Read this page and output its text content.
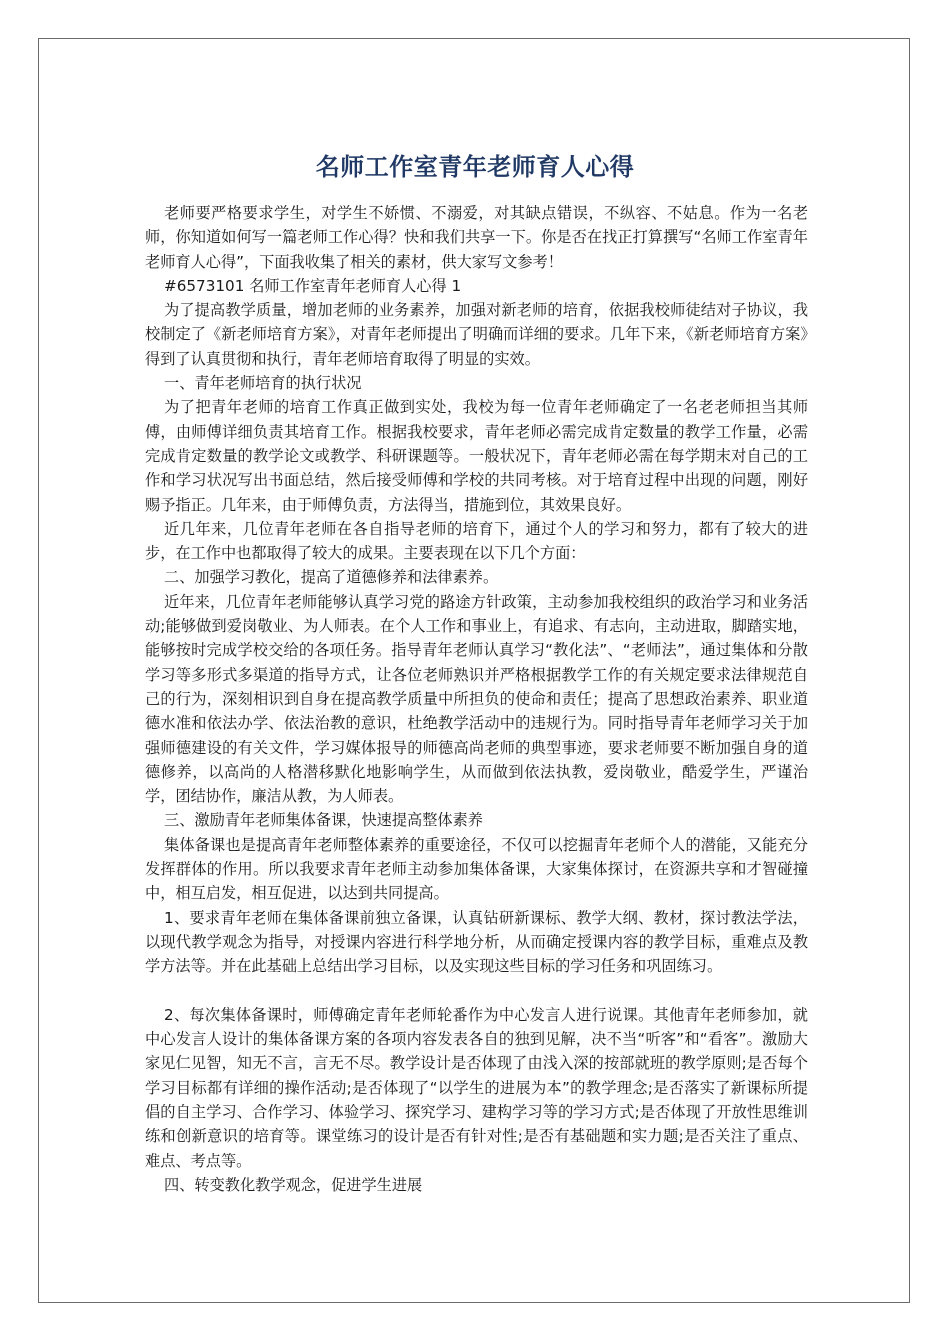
名师工作室青年老师育人心得

老师要严格要求学生，对学生不娇惯、不溺爱，对其缺点错误，不纵容、不姑息。作为一名老师，你知道如何写一篇老师工作心得？快和我们共享一下。你是否在找正打算撰写“名师工作室青年老师育人心得”，下面我收集了相关的素材，供大家写文参考！

#6573101 名师工作室青年老师育人心得 1

为了提高教学质量，增加老师的业务素养，加强对新老师的培育，依据我校师徒结对子协议，我校制定了《新老师培育方案》，对青年老师提出了明确而详细的要求。几年下来，《新老师培育方案》得到了认真贯彻和执行，青年老师培育取得了明显的实效。

一、青年老师培育的执行状况

为了把青年老师的培育工作真正做到实处，我校为每一位青年老师确定了一名老老师担当其师傅，由师傅详细负责其培育工作。根据我校要求，青年老师必需完成肯定数量的教学工作量，必需完成肯定数量的教学论文或教学、科研课题等。一般状况下，青年老师必需在每学期末对自己的工作和学习状况写出书面总结，然后接受师傅和学校的共同考核。对于培育过程中出现的问题，刚好赐予指正。几年来，由于师傅负责，方法得当，措施到位，其效果良好。

近几年来，几位青年老师在各自指导老师的培育下，通过个人的学习和努力，都有了较大的进步，在工作中也都取得了较大的成果。主要表现在以下几个方面：

二、加强学习教化，提高了道德修养和法律素养。

近年来，几位青年老师能够认真学习党的路途方针政策，主动参加我校组织的政治学习和业务活动;能够做到爱岗敬业、为人师表。在个人工作和事业上，有追求、有志向，主动进取，脚踏实地，能够按时完成学校交给的各项任务。指导青年老师认真学习“教化法”、“老师法”，通过集体和分散学习等多形式多渠道的指导方式，让各位老师熟识并严格根据教学工作的有关规定要求法律规范自己的行为，深刻相识到自身在提高教学质量中所担负的使命和责任；提高了思想政治素养、职业道德水准和依法办学、依法治教的意识，杜绝教学活动中的违规行为。同时指导青年老师学习关于加强师德建设的有关文件，学习媒体报导的师德高尚老师的典型事迹，要求老师要不断加强自身的道德修养，以高尚的人格潜移默化地影响学生，从而做到依法执教，爱岗敬业，酷爱学生，严谨治学，团结协作，廉洁从教，为人师表。

三、激励青年老师集体备课，快速提高整体素养

集体备课也是提高青年老师整体素养的重要途径，不仅可以挖掘青年老师个人的潜能，又能充分发挥群体的作用。所以我要求青年老师主动参加集体备课，大家集体探讨，在资源共享和才智碰撞中，相互启发，相互促进，以达到共同提高。

1、要求青年老师在集体备课前独立备课，认真钻研新课标、教学大纲、教材，探讨教法学法，以现代教学观念为指导，对授课内容进行科学地分析，从而确定授课内容的教学目标，重难点及教学方法等。并在此基础上总结出学习目标，以及实现这些目标的学习任务和巩固练习。

2、每次集体备课时，师傅确定青年老师轮番作为中心发言人进行说课。其他青年老师参加，就中心发言人设计的集体备课方案的各项内容发表各自的独到见解，决不当“听客”和“看客”。激励大家见仁见智，知无不言，言无不尽。教学设计是否体现了由浅入深的按部就班的教学原则;是否每个学习目标都有详细的操作活动;是否体现了“以学生的进展为本”的教学理念;是否落实了新课标所提倡的自主学习、合作学习、体验学习、探究学习、建构学习等的学习方式;是否体现了开放性思维训练和创新意识的培育等。课堂练习的设计是否有针对性;是否有基础题和实力题;是否关注了重点、难点、考点等。

四、转变教化教学观念，促进学生进展
